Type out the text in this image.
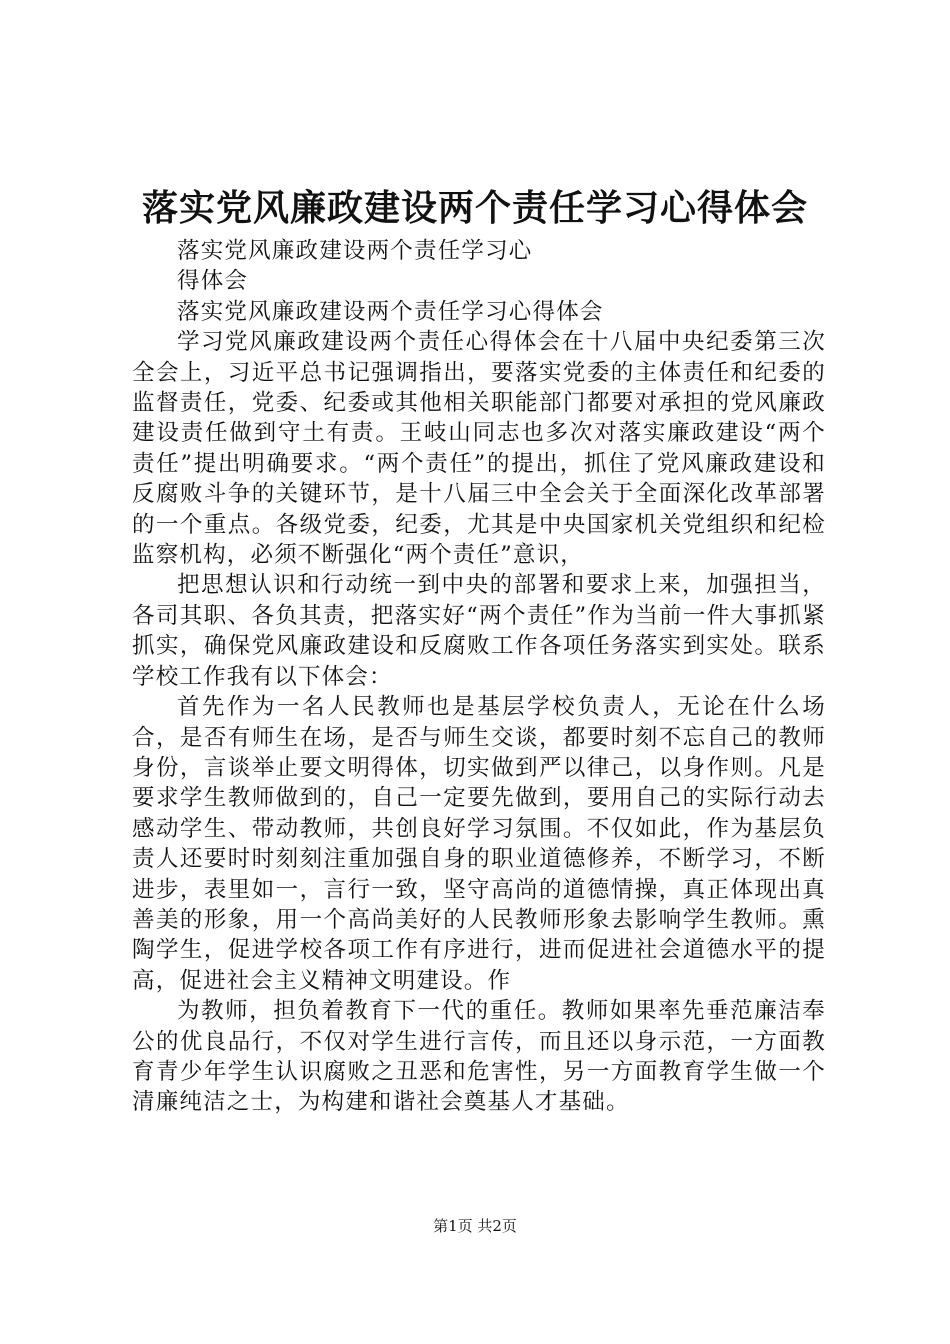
落实党风廉政建设两个责任学习心得体会

落实党风廉政建设两个责任学习心

得体会

落实党风廉政建设两个责任学习心得体会

学习党风廉政建设两个责任心得体会在十八届中央纪委第三次全会上，习近平总书记强调指出，要落实党委的主体责任和纪委的监督责任，党委、纪委或其他相关职能部门都要对承担的党风廉政建设责任做到守土有责。王岐山同志也多次对落实廉政建设“两个责任”提出明确要求。“两个责任”的提出，抓住了党风廉政建设和反腐败斗争的关键环节，是十八届三中全会关于全面深化改革部署的一个重点。各级党委，纪委，尤其是中央国家机关党组织和纪检监察机构，必须不断强化“两个责任”意识，

把思想认识和行动统一到中央的部署和要求上来，加强担当，各司其职、各负其责，把落实好“两个责任”作为当前一件大事抓紧抓实，确保党风廉政建设和反腐败工作各项任务落实到实处。联系学校工作我有以下体会：

首先作为一名人民教师也是基层学校负责人，无论在什么场合，是否有师生在场，是否与师生交谈，都要时刻不忘自己的教师身份，言谈举止要文明得体，切实做到严以律己，以身作则。凡是要求学生教师做到的，自己一定要先做到，要用自己的实际行动去感动学生、带动教师，共创良好学习氛围。不仅如此，作为基层负责人还要时时刻刻注重加强自身的职业道德修养，不断学习，不断进步，表里如一，言行一致，坚守高尚的道德情操，真正体现出真善美的形象，用一个高尚美好的人民教师形象去影响学生教师。熏陶学生，促进学校各项工作有序进行，进而促进社会道德水平的提高，促进社会主义精神文明建设。作

为教师，担负着教育下一代的重任。教师如果率先垂范廉洁奉公的优良品行，不仅对学生进行言传，而且还以身示范，一方面教育青少年学生认识腐败之丑恶和危害性，另一方面教育学生做一个清廉纯洁之士，为构建和谐社会奠基人才基础。

第1页 共2页
